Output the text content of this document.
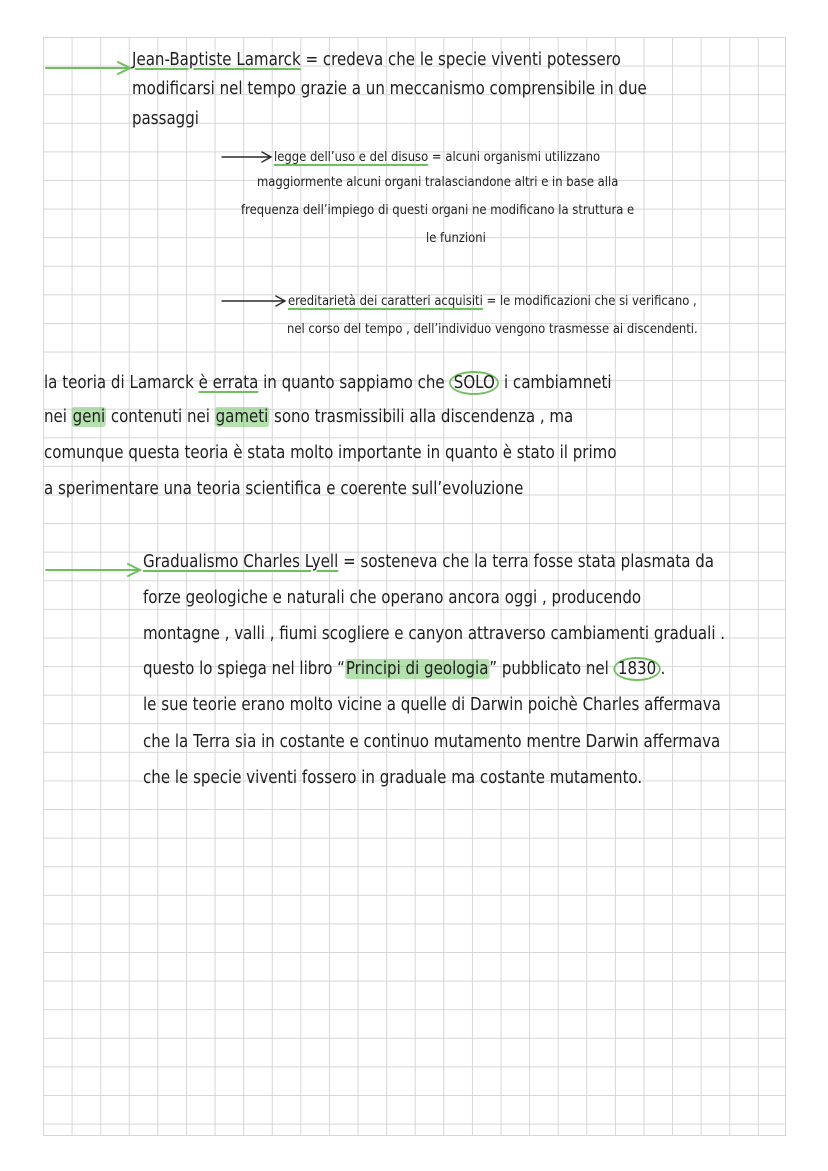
Jean-Baptiste Lamarck = credeva che le specie viventi potessero
modificarsi nel tempo grazie a un meccanismo comprensibile in due
passaggi
legge dell’uso e del disuso = alcuni organismi utilizzano
maggiormente alcuni organi tralasciandone altri e in base alla
frequenza dell’impiego di questi organi ne modificano la struttura e
le funzioni
ereditarietà dei caratteri acquisiti = le modificazioni che si verificano ,
nel corso del tempo , dell’individuo vengono trasmesse ai discendenti.
la teoria di Lamarck è errata in quanto sappiamo che SOLO i cambiamneti
nei geni contenuti nei gameti sono trasmissibili alla discendenza , ma
comunque questa teoria è stata molto importante in quanto è stato il primo
a sperimentare una teoria scientifica e coerente sull’evoluzione
Gradualismo Charles Lyell = sosteneva che la terra fosse stata plasmata da
forze geologiche e naturali che operano ancora oggi , producendo
montagne , valli , fiumi scogliere e canyon attraverso cambiamenti graduali .
questo lo spiega nel libro “Principi di geologia” pubblicato nel 1830 .
le sue teorie erano molto vicine a quelle di Darwin poichè Charles affermava
che la Terra sia in costante e continuo mutamento mentre Darwin affermava
che le specie viventi fossero in graduale ma costante mutamento.
